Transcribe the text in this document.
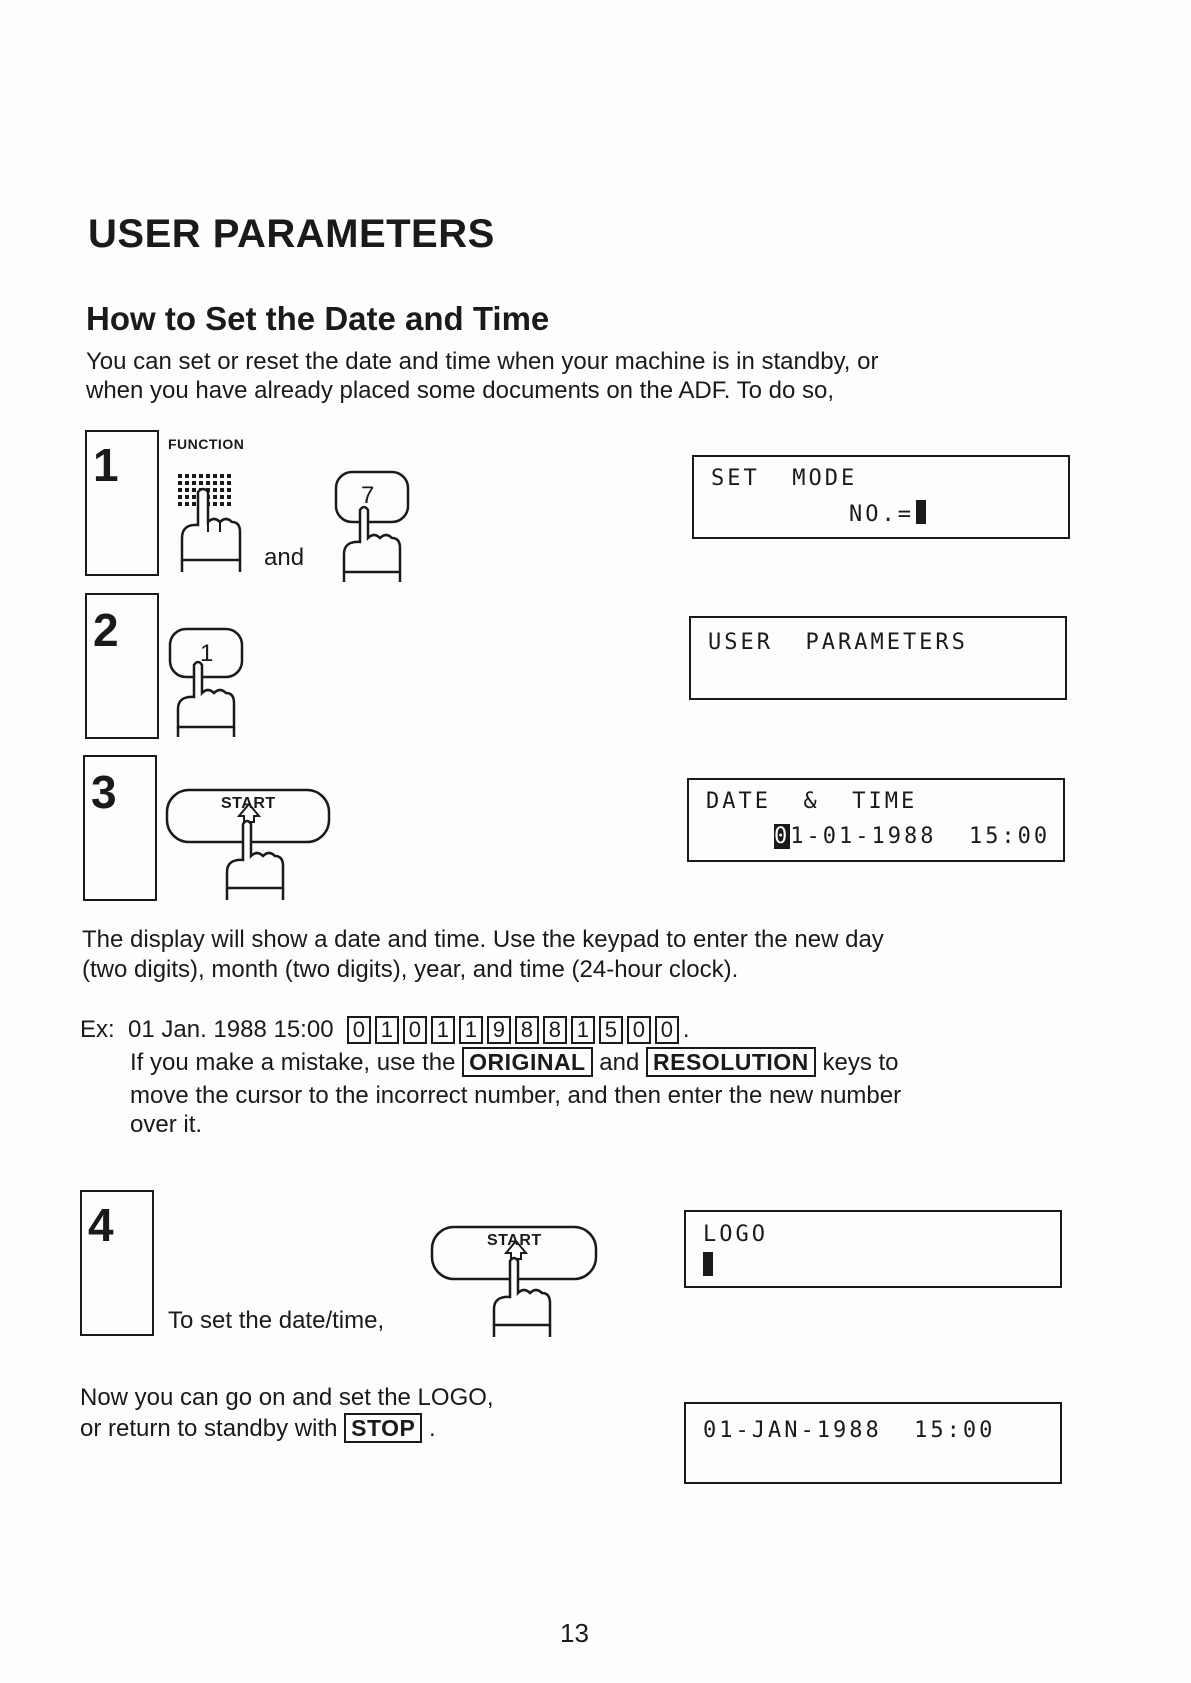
USER PARAMETERS
How to Set the Date and Time
You can set or reset the date and time when your machine is in standby, or
when you have already placed some documents on the ADF. To do so,
1	FUNCTION
and
7
SET  MODE
NO.=
2	1	USER  PARAMETERS
3	START	DATE  &  TIME
01-01-1988  15:00
The display will show a date and time. Use the keypad to enter the new day
(two digits), month (two digits), year, and time (24-hour clock).
Ex: 01 Jan. 1988 15:00 0 1 0 1 1 9 8 8 1 5 0 0 .
If you make a mistake, use the ORIGINAL and RESOLUTION keys to
move the cursor to the incorrect number, and then enter the new number
over it.
4
To set the date/time,
START	LOGO
Now you can go on and set the LOGO,
or return to standby with STOP .	01-JAN-1988  15:00
13
